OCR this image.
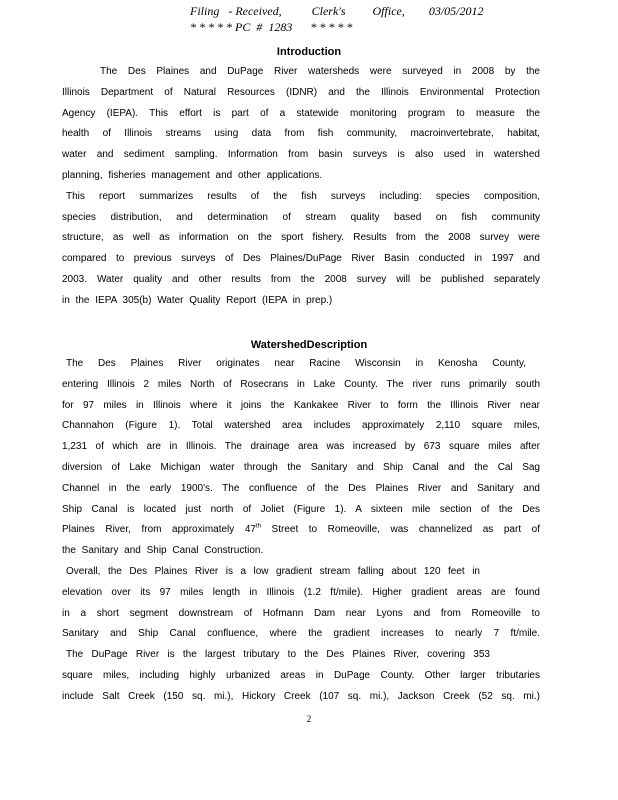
Filing   - Received,          Clerk's         Office,        03/05/2012
* * * * * PC  #  1283      * * * * *
Introduction
The Des Plaines and DuPage River watersheds were surveyed in 2008 by the
Illinois Department of Natural Resources (IDNR) and the Illinois Environmental Protection
Agency (IEPA). This effort is part of a statewide monitoring program to measure the
health of Illinois streams using data from fish community, macroinvertebrate, habitat,
water and sediment sampling. Information from basin surveys is also used in watershed
planning, fisheries management and other applications.
This report summarizes results of the fish surveys including: species composition,
species distribution, and determination of stream quality based on fish community
structure, as well as information on the sport fishery. Results from the 2008 survey were
compared to previous surveys of Des Plaines/DuPage River Basin conducted in 1997 and
2003. Water quality and other results from the 2008 survey will be published separately
in the IEPA 305(b) Water Quality Report (IEPA in prep.)
WatershedDescription
The Des Plaines River originates near Racine Wisconsin in Kenosha County,
entering Illinois 2 miles North of Rosecrans in Lake County. The river runs primarily south
for 97 miles in Illinois where it joins the Kankakee River to form the Illinois River near
Channahon (Figure 1). Total watershed area includes approximately 2,110 square miles,
1,231 of which are in Illinois. The drainage area was increased by 673 square miles after
diversion of Lake Michigan water through the Sanitary and Ship Canal and the Cal Sag
Channel in the early 1900's. The confluence of the Des Plaines River and Sanitary and
Ship Canal is located just north of Joliet (Figure 1). A sixteen mile section of the Des
Plaines River, from approximately 47th Street to Romeoville, was channelized as part of
the Sanitary and Ship Canal Construction.
Overall, the Des Plaines River is a low gradient stream falling about 120 feet in
elevation over its 97 miles length in Illinois (1.2 ft/mile). Higher gradient areas are found
in a short segment downstream of Hofmann Dam near Lyons and from Romeoville to
Sanitary and Ship Canal confluence, where the gradient increases to nearly 7 ft/mile.
The DuPage River is the largest tributary to the Des Plaines River, covering 353
square miles, including highly urbanized areas in DuPage County. Other larger tributaries
include Salt Creek (150 sq. mi.), Hickory Creek (107 sq. mi.), Jackson Creek (52 sq. mi.)
2
